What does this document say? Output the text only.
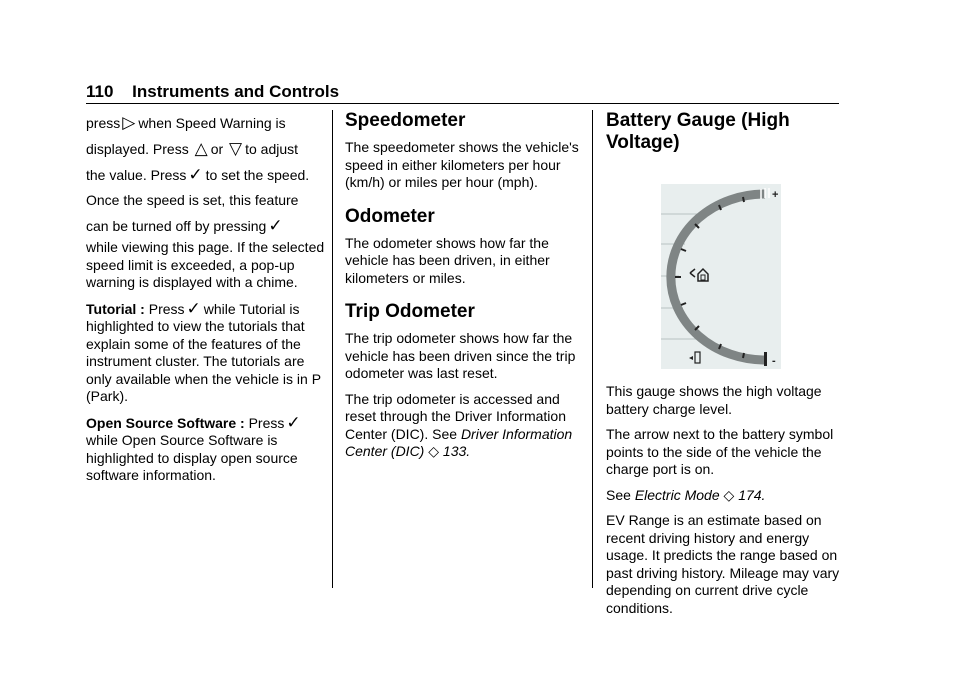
110 Instruments and Controls

press ▷ when Speed Warning is

displayed. Press △ or ▽ to adjust

the value. Press ✓ to set the speed.

Once the speed is set, this feature

can be turned off by pressing ✓

while viewing this page. If the selected speed limit is exceeded, a pop-up warning is displayed with a chime.

Tutorial : Press ✓ while Tutorial is highlighted to view the tutorials that explain some of the features of the instrument cluster. The tutorials are only available when the vehicle is in P (Park).

Open Source Software : Press ✓
while Open Source Software is highlighted to display open source software information.

Speedometer

The speedometer shows the vehicle's speed in either kilometers per hour (km/h) or miles per hour (mph).

Odometer

The odometer shows how far the vehicle has been driven, in either kilometers or miles.

Trip Odometer

The trip odometer shows how far the vehicle has been driven since the trip odometer was last reset.

The trip odometer is accessed and reset through the Driver Information Center (DIC). See Driver Information Center (DIC) ◇ 133.

Battery Gauge (High Voltage)
+
-

This gauge shows the high voltage battery charge level.

The arrow next to the battery symbol points to the side of the vehicle the charge port is on.

See Electric Mode ◇ 174.

EV Range is an estimate based on recent driving history and energy usage. It predicts the range based on past driving history. Mileage may vary depending on current drive cycle conditions.
